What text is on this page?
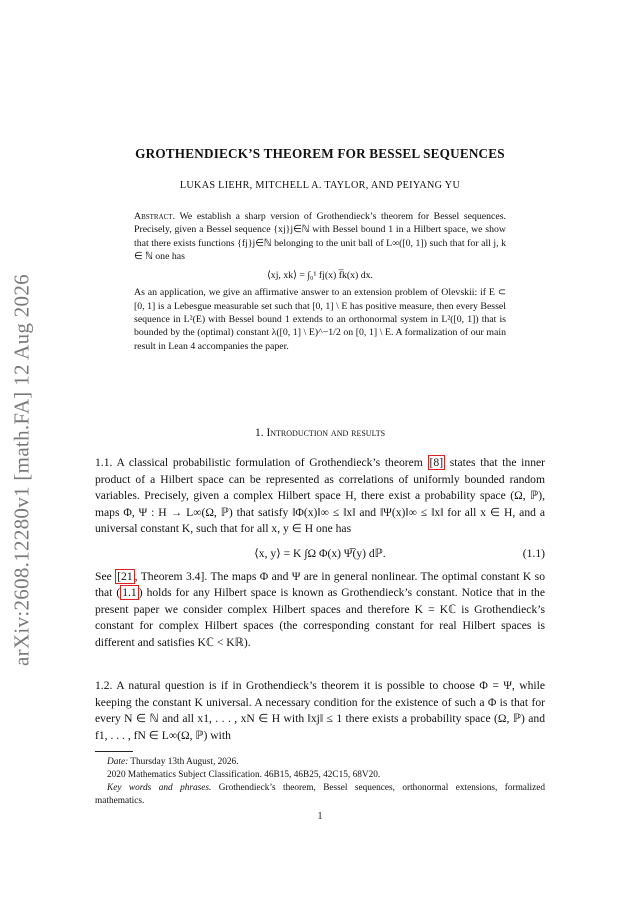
arXiv:2608.12280v1 [math.FA] 12 Aug 2026
GROTHENDIECK’S THEOREM FOR BESSEL SEQUENCES
LUKAS LIEHR, MITCHELL A. TAYLOR, AND PEIYANG YU

Abstract. We establish a sharp version of Grothendieck’s theorem for Bessel sequences. Precisely, given a Bessel sequence {xj}j∈ℕ with Bessel bound 1 in a Hilbert space, we show that there exists functions {fj}j∈ℕ belonging to the unit ball of L∞([0, 1]) such that for all j, k ∈ ℕ one has

⟨xj, xk⟩ = ∫₀¹ fj(x) f̅k(x) dx.

As an application, we give an affirmative answer to an extension problem of Olevskii: if E ⊂ [0, 1] is a Lebesgue measurable set such that [0, 1] \ E has positive measure, then every Bessel sequence in L²(E) with Bessel bound 1 extends to an orthonormal system in L²([0, 1]) that is bounded by the (optimal) constant λ([0, 1] \ E)^−1/2 on [0, 1] \ E. A formalization of our main result in Lean 4 accompanies the paper.

1. Introduction and results

1.1. A classical probabilistic formulation of Grothendieck’s theorem [8] states that the inner product of a Hilbert space can be represented as correlations of uniformly bounded random variables. Precisely, given a complex Hilbert space H, there exist a probability space (Ω, ℙ), maps Φ, Ψ : H → L∞(Ω, ℙ) that satisfy ‖Φ(x)‖∞ ≤ ‖x‖ and ‖Ψ(x)‖∞ ≤ ‖x‖ for all x ∈ H, and a universal constant K, such that for all x, y ∈ H one has

⟨x, y⟩ = K ∫Ω Φ(x) Ψ̅(y) dℙ.	(1.1)

See [21 , Theorem 3.4]. The maps Φ and Ψ are in general nonlinear. The optimal constant K so that ( 1.1 ) holds for any Hilbert space is known as Grothendieck’s constant. Notice that in the present paper we consider complex Hilbert spaces and therefore K = Kℂ is Grothendieck’s constant for complex Hilbert spaces (the corresponding constant for real Hilbert spaces is different and satisfies Kℂ < Kℝ).

1.2. A natural question is if in Grothendieck’s theorem it is possible to choose Φ = Ψ, while keeping the constant K universal. A necessary condition for the existence of such a Φ is that for every N ∈ ℕ and all x1, . . . , xN ∈ H with ‖xj‖ ≤ 1 there exists a probability space (Ω, ℙ) and f1, . . . , fN ∈ L∞(Ω, ℙ) with

Date: Thursday 13th August, 2026.
2020 Mathematics Subject Classification. 46B15, 46B25, 42C15, 68V20.
Key words and phrases. Grothendieck’s theorem, Bessel sequences, orthonormal extensions, formalized mathematics.
1
